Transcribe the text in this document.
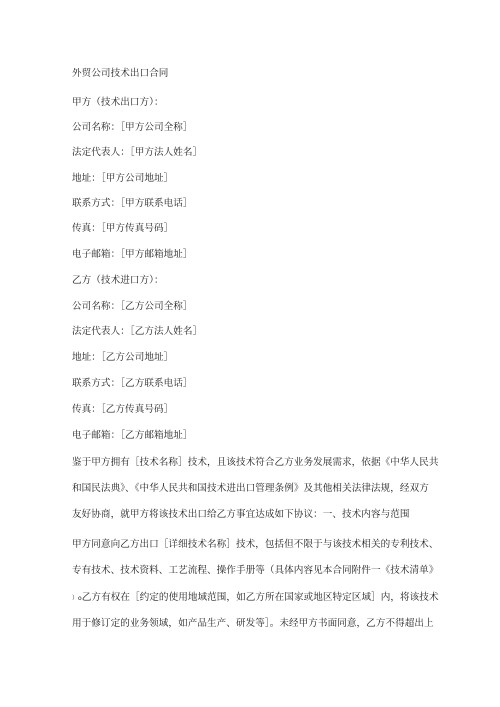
外贸公司技术出口合同
甲方（技术出口方）：
公司名称：［甲方公司全称］
法定代表人：［甲方法人姓名］
地址：［甲方公司地址］
联系方式：［甲方联系电话］
传真：［甲方传真号码］
电子邮箱：［甲方邮箱地址］
乙方（技术进口方）：
公司名称：［乙方公司全称］
法定代表人：［乙方法人姓名］
地址：［乙方公司地址］
联系方式：［乙方联系电话］
传真：［乙方传真号码］
电子邮箱：［乙方邮箱地址］
鉴于甲方拥有［技术名称］技术，且该技术符合乙方业务发展需求，依据《中华人民共
和国民法典》、《中华人民共和国技术进出口管理条例》及其他相关法律法规，经双方
友好协商，就甲方将该技术出口给乙方事宜达成如下协议：一、技术内容与范围
甲方同意向乙方出口［详细技术名称］技术，包括但不限于与该技术相关的专利技术、
专有技术、技术资料、工艺流程、操作手册等（具体内容见本合同附件一《技术清单》
）o乙方有权在［约定的使用地域范围，如乙方所在国家或地区特定区域］内，将该技术
用于修订定的业务领域，如产品生产、研发等］。未经甲方书面同意，乙方不得超出上
